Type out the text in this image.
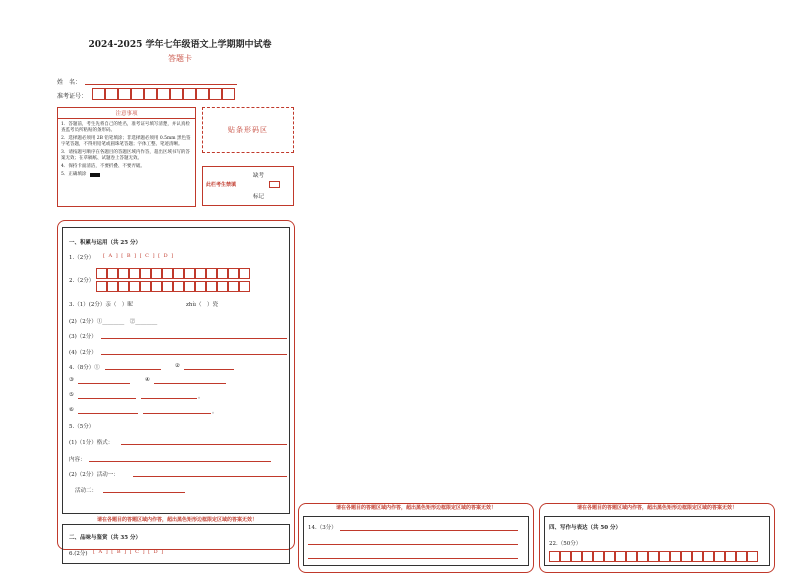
2024-2025 学年七年级语文上学期期中试卷
答题卡
姓　名：
准考证号：
注意事项
1．答题前，考生先将自己的姓名，准考证号填写清楚，并认真检查监考员所粘贴的条形码。
2．选择题必须用 2B 铅笔填涂；非选择题必须用 0.5mm 黑色签字笔答题，不得用铅笔或圆珠笔答题；字体工整、笔迹清晰。
3．请按题号顺序在各题目的答题区域内作答，超出区域书写的答案无效；在草稿纸、试题卷上答题无效。
4．保持卡面清洁，不要折叠、不要弄破。
5．正确填涂
贴条形码区
缺考
此栏考生禁填
标记
一、积累与运用（共 25 分）
1.（2分） [ A ] [ B ] [ C ] [ D ]
2.（2分）
3.（1）(2分）亲（　）昵	zhù（　）瓷
(2)（2分）①________　②________
(3)（2分）
(4)（2分）
4.（8分）①	②
③	④
⑤	。
⑥	。
5.（5分）
(1)（1分）格式：
内容：
(2)（2分）活动一：
活动二：
请在各题目的答题区域内作答，超出黑色矩形边框限定区域的答案无效！
二、品味与鉴赏（共 35 分）
6.(2分) [ A ] [ B ] [ C ] [ D ]
请在各题目的答题区域内作答，超出黑色矩形边框限定区域的答案无效！
14.（3分）
请在各题目的答题区域内作答，超出黑色矩形边框限定区域的答案无效！
四、写作与表达（共 50 分）
22.（50分）
